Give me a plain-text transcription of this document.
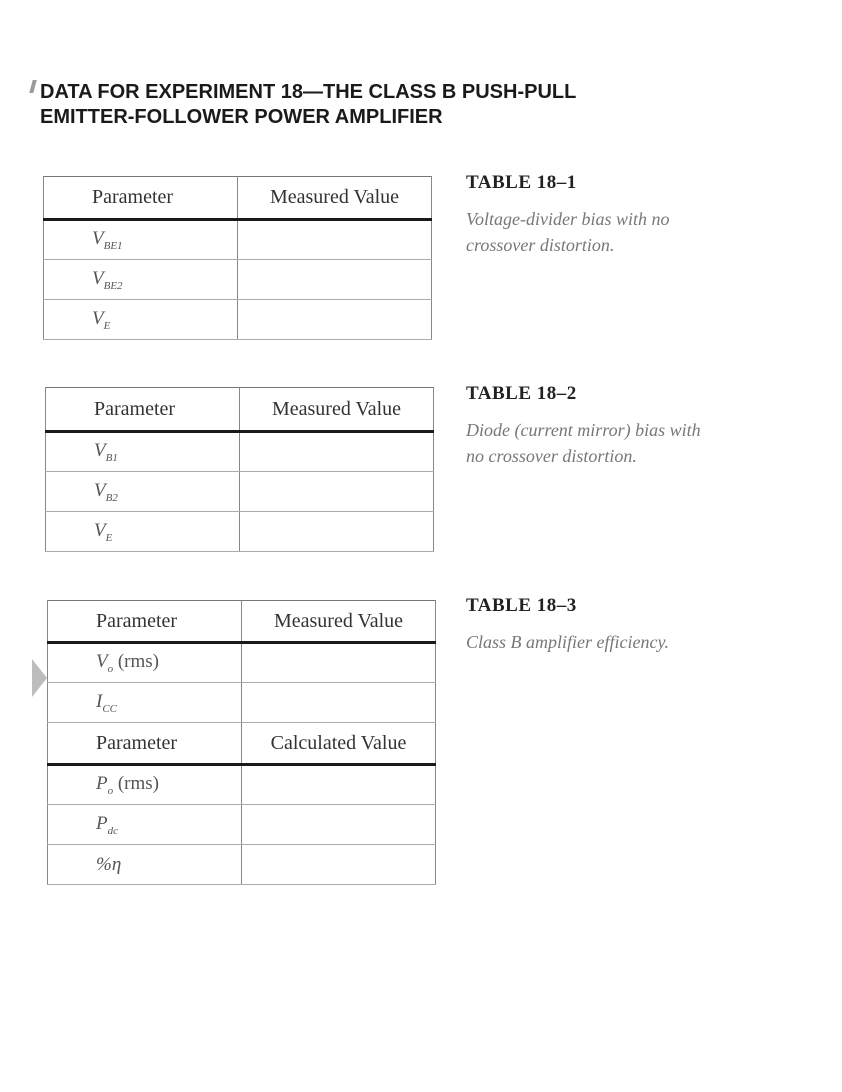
DATA FOR EXPERIMENT 18—THE CLASS B PUSH-PULL
EMITTER-FOLLOWER POWER AMPLIFIER
Parameter	Measured Value
$V_{BE1}$	
$V_{BE2}$	
$V_E$	
TABLE 18–1
Voltage-divider bias with no crossover distortion.
Parameter	Measured Value
$V_{B1}$	
$V_{B2}$	
$V_E$	
TABLE 18–2
Diode (current mirror) bias with no crossover distortion.
Parameter	Measured Value
$V_o$ (rms)	
$I_{CC}$	
Parameter	Calculated Value
$P_o$ (rms)	
$P_{dc}$	
%η	
TABLE 18–3
Class B amplifier efficiency.
